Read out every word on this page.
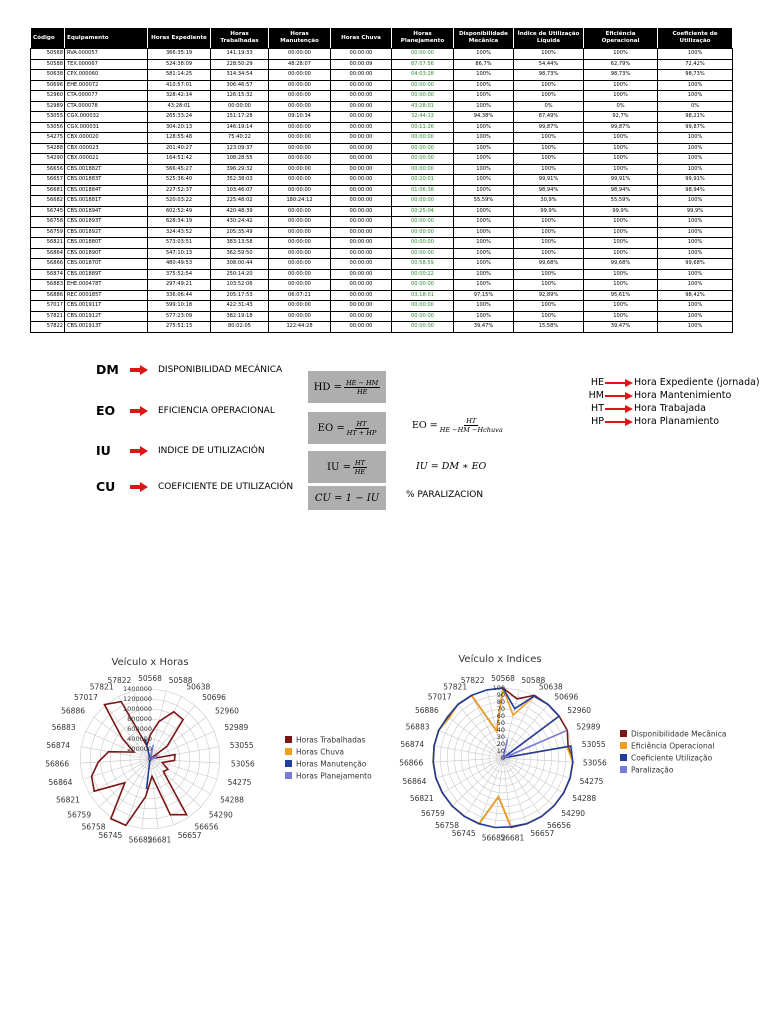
Código	Equipamento	Horas Expediente	Horas Trabalhadas	Horas Manutenção	Horas Chuva	Horas Planejamento	Disponibilidade Mecânica	Índice de Utilização Líquida	Eficiência Operacional	Coeficiente de Utilização
50568	RVA.000057	366:35:19	141:19:33	00:00:00	00:00:00	00:00:00	100%	100%	100%	100%
50588	TEX.000067	524:38:09	228:50:29	48:28:07	00:00:09	87:07:56	86,7%	54,44%	62,79%	72,42%
50638	CPX.000060	581:14:25	314:34:54	00:00:00	00:00:00	04:03:28	100%	98,73%	98,73%	98,73%
50696	EHE.000072	410:57:01	306:46:57	00:00:00	00:00:00	00:00:00	100%	100%	100%	100%
52960	CTA.000077	328:42:14	126:15:32	00:00:00	00:00:00	00:00:00	100%	100%	100%	100%
52989	CTA.000078	43:28:01	00:00:00	00:00:00	00:00:00	43:28:01	100%	0%	0%	0%
53055	CGX.000032	265:33:24	151:17:28	09:10:34	00:00:00	32:44:13	94,38%	87,49%	92,7%	98,21%
53056	CGX.000031	304:20:13	146:19:14	00:00:00	00:00:00	00:11:26	100%	99,87%	99,87%	99,87%
54275	CBX.000020	128:55:48	75:40:22	00:00:00	00:00:00	00:00:00	100%	100%	100%	100%
54288	CBX.000023	201:40:27	123:09:37	00:00:00	00:00:00	00:00:00	100%	100%	100%	100%
54290	CBX.000021	164:51:42	108:28:55	00:00:00	00:00:00	00:00:00	100%	100%	100%	100%
56656	CBS.001882T	566:45:27	396:29:32	00:00:00	00:00:00	00:00:00	100%	100%	100%	100%
56657	CBS.001883T	525:36:40	352:38:03	00:00:00	00:00:00	00:20:01	100%	99,91%	99,91%	99,91%
56681	CBS.001884T	227:52:37	103:46:07	00:00:00	00:00:00	01:06:38	100%	98,94%	98,94%	98,94%
56682	CBS.001881T	520:03:22	225:48:02	180:24:12	00:00:00	00:00:00	55,59%	30,9%	55,59%	100%
56745	CBS.001894T	602:52:49	420:48:39	00:00:00	00:00:00	00:25:04	100%	99,9%	99,9%	99,9%
56758	CBS.001893T	628:34:19	430:24:42	00:00:00	00:00:00	00:00:00	100%	100%	100%	100%
56759	CBS.001892T	324:43:52	205:35:49	00:00:00	00:00:00	00:00:00	100%	100%	100%	100%
56821	CBS.001880T	573:03:51	383:13:58	00:00:00	00:00:00	00:00:00	100%	100%	100%	100%
56864	CBS.001890T	547:10:13	362:59:50	00:00:00	00:00:00	00:00:00	100%	100%	100%	100%
56866	CBS.001870T	480:49:53	308:00:44	00:00:00	00:00:00	00:58:59	100%	99,68%	99,68%	99,68%
56874	CBS.001889T	375:52:54	250:14:20	00:00:00	00:00:00	00:00:22	100%	100%	100%	100%
56883	EHE.000478T	297:49:21	103:52:06	00:00:00	00:00:00	00:00:00	100%	100%	100%	100%
56886	REC.000185T	336:06:44	205:17:53	06:07:21	00:00:00	03:18:01	97,15%	92,89%	95,61%	98,42%
57017	CBS.001911T	599:10:18	422:31:43	00:00:00	00:00:00	00:00:00	100%	100%	100%	100%
57821	CBS.001912T	577:23:09	382:19:18	00:00:00	00:00:00	00:00:00	100%	100%	100%	100%
57822	CBS.001913T	275:51:13	80:02:05	122:44:28	00:00:00	00:00:00	39,47%	15,58%	39,47%	100%
DM	DISPONIBILIDAD MECÁNICA
EO	EFICIENCIA OPERACIONAL
IU	INDICE DE UTILIZACIÓN
CU	COEFICIENTE DE UTILIZACIÓN
HD = $\frac{HE - HM}{HE}$
EO = $\frac{HT}{HT + HP}$
IU = $\frac{HT}{HE}$
CU = 1 − IU
EO = $\frac{HT}{\text{HE −HM −Hchuva}}$
IU = DM ∗ EO
% PARALIZACION
HE	Hora Expediente (jornada)
HM	Hora Mantenimiento
HT	Hora Trabajada
HP	Hora Planamiento
Veículo x Horas
50568 50588
50638
50696
52960
52989
53055
53056
54275
54288
54290
56656
56657
56681
56682
56745
56758
56759
56821
56864
56866
56874
56883
56886
57017
57821
57822
0
200000
400000
600000
800000
1000000
1200000
1400000
Horas Trabalhadas
Horas Chuva
Horas Manutenção
Horas Planejamento
Veículo x Indices
50568 50588
50638
50696
52960
52989
53055
53056
54275
54288
54290
56656
56657
56681
56682
56745
56758
56759
56821
56864
56866
56874
56883
56886
57017
57821
57822
0
10
20
30
40
50
60
70
80
90
100
Disponibilidade Mecânica
Eficiência Operacional
Coeficiente Utilização
Paralização
